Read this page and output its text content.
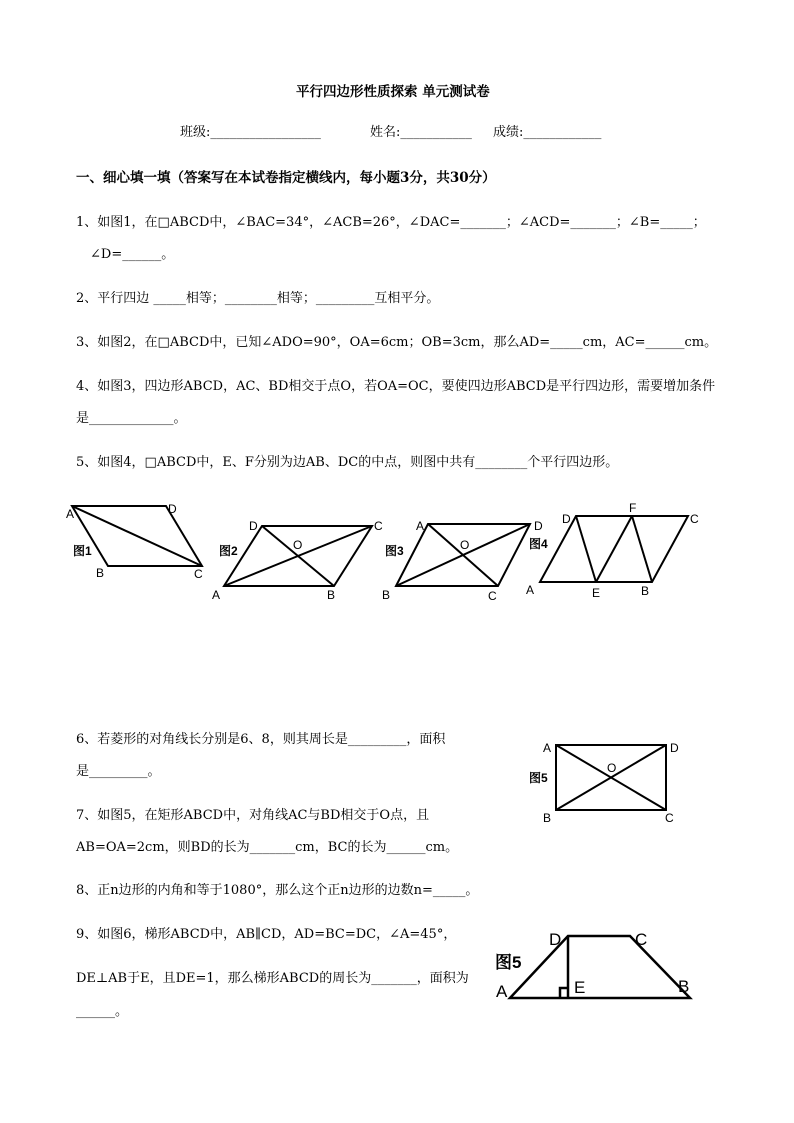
平行四边形性质探索 单元测试卷
班级:_________________	姓名:___________ 成绩:____________
一、细心填一填（答案写在本试卷指定横线内，每小题3分，共30分）
1、如图1，在□ABCD中，∠BAC=34°，∠ACB=26°，∠DAC=_______；∠ACD=_______；∠B=_____；
∠D=______。
2、平行四边 _____相等；________相等；_________互相平分。
3、如图2，在□ABCD中，已知∠ADO=90°，OA=6cm；OB=3cm，那么AD=_____cm，AC=______cm。
4、如图3，四边形ABCD，AC、BD相交于点O，若OA=OC，要使四边形ABCD是平行四边形，需要增加条件
是_____________。
5、如图4，□ABCD中，E、F分别为边AB、DC的中点，则图中共有________个平行四边形。
A	D
B	C
图1
D	C
O
A	B
图2
A	D
O
B	C
图3
D
F
C
A	E	B
图4
6、若菱形的对角线长分别是6、8，则其周长是_________，面积
是_________。
7、如图5，在矩形ABCD中，对角线AC与BD相交于O点，且
AB=OA=2cm，则BD的长为_______cm，BC的长为______cm。
8、正n边形的内角和等于1080°，那么这个正n边形的边数n=_____。
9、如图6，梯形ABCD中，AB∥CD，AD=BC=DC，∠A=45°，
DE⊥AB于E，且DE=1，那么梯形ABCD的周长为_______，面积为
______。
A	D
O
B	C
图5
D	C
A	E	B
图5
